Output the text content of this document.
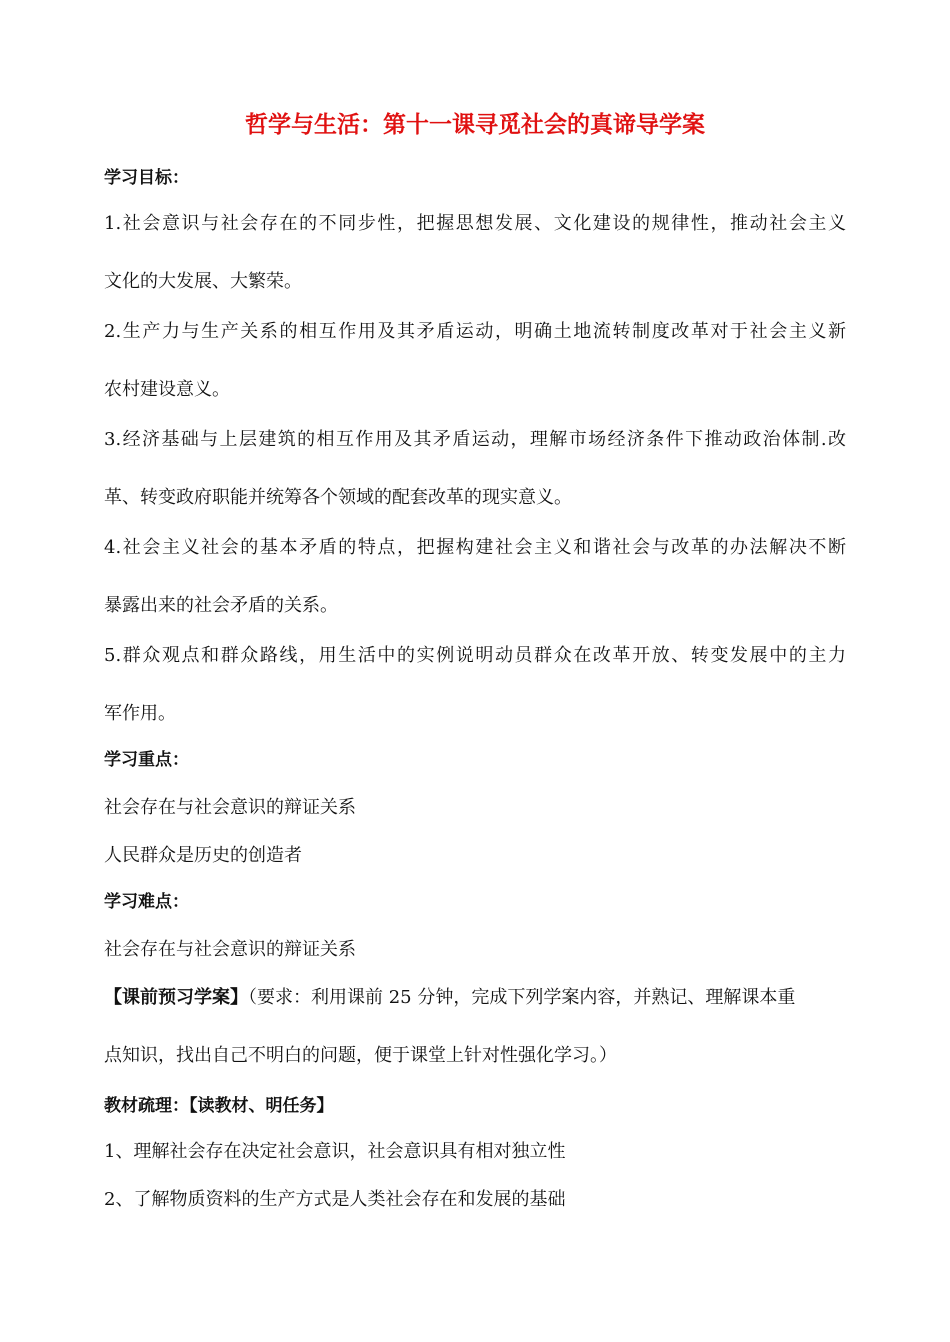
哲学与生活：第十一课寻觅社会的真谛导学案
学习目标：
1.社会意识与社会存在的不同步性，把握思想发展、文化建设的规律性，推动社会主义
文化的大发展、大繁荣。
2.生产力与生产关系的相互作用及其矛盾运动，明确土地流转制度改革对于社会主义新
农村建设意义。
3.经济基础与上层建筑的相互作用及其矛盾运动，理解市场经济条件下推动政治体制.改
革、转变政府职能并统筹各个领域的配套改革的现实意义。
4.社会主义社会的基本矛盾的特点，把握构建社会主义和谐社会与改革的办法解决不断
暴露出来的社会矛盾的关系。
5.群众观点和群众路线，用生活中的实例说明动员群众在改革开放、转变发展中的主力
军作用。
学习重点：
社会存在与社会意识的辩证关系
人民群众是历史的创造者
学习难点：
社会存在与社会意识的辩证关系
【课前预习学案】（要求：利用课前 25 分钟，完成下列学案内容，并熟记、理解课本重
点知识，找出自己不明白的问题，便于课堂上针对性强化学习。）
教材疏理：【读教材、明任务】
1、理解社会存在决定社会意识，社会意识具有相对独立性
2、了解物质资料的生产方式是人类社会存在和发展的基础
